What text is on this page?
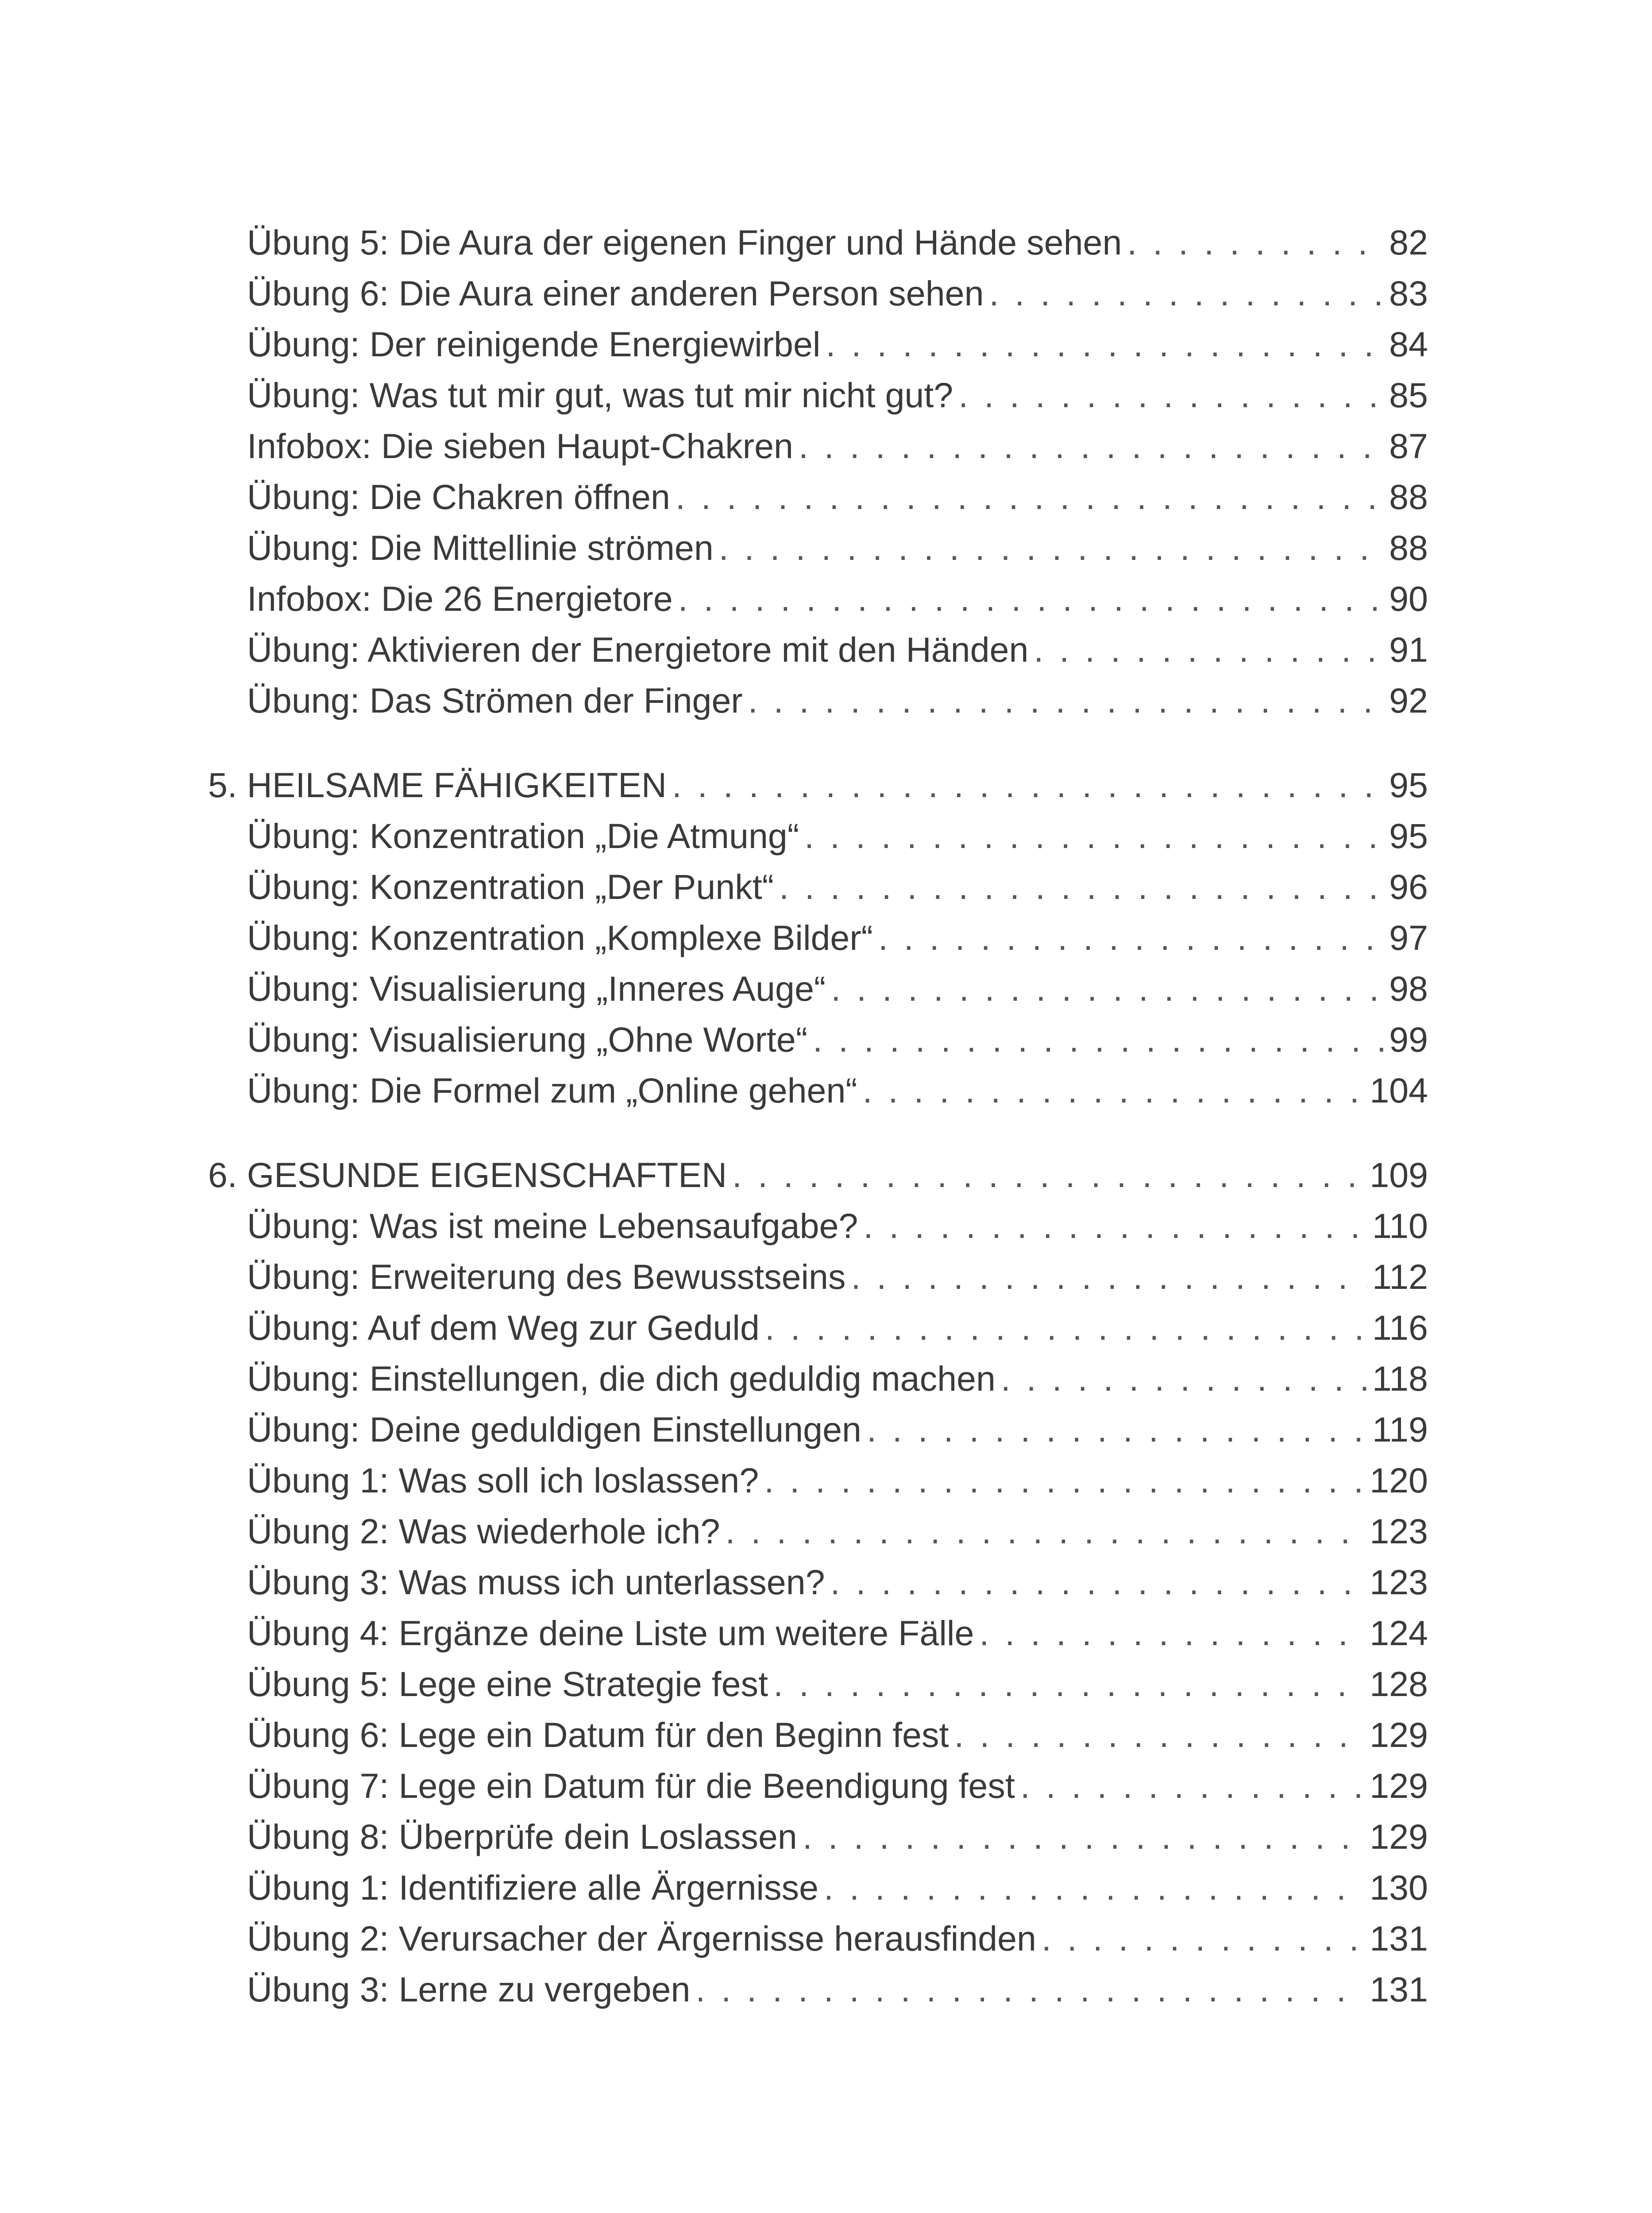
Übung 5: Die Aura der eigenen Finger und Hände sehen . . .	82
Übung 6: Die Aura einer anderen Person sehen . . .	83
Übung: Der reinigende Energiewirbel . . .	84
Übung: Was tut mir gut, was tut mir nicht gut? . . .	85
Infobox: Die sieben Haupt-Chakren . . .	87
Übung: Die Chakren öffnen . . .	88
Übung: Die Mittellinie strömen . . .	88
Infobox: Die 26 Energietore . . .	90
Übung: Aktivieren der Energietore mit den Händen . . .	91
Übung: Das Strömen der Finger . . .	92
5. HEILSAME FÄHIGKEITEN . . .	95
Übung: Konzentration „Die Atmung“ . . .	95
Übung: Konzentration „Der Punkt“ . . .	96
Übung: Konzentration „Komplexe Bilder“ . . .	97
Übung: Visualisierung „Inneres Auge“ . . .	98
Übung: Visualisierung „Ohne Worte“ . . .	99
Übung: Die Formel zum „Online gehen“ . . .	104
6. GESUNDE EIGENSCHAFTEN . . .	109
Übung: Was ist meine Lebensaufgabe? . . .	110
Übung: Erweiterung des Bewusstseins . . .	112
Übung: Auf dem Weg zur Geduld . . .	116
Übung: Einstellungen, die dich geduldig machen . . .	118
Übung: Deine geduldigen Einstellungen . . .	119
Übung 1: Was soll ich loslassen? . . .	120
Übung 2: Was wiederhole ich? . . .	123
Übung 3: Was muss ich unterlassen? . . .	123
Übung 4: Ergänze deine Liste um weitere Fälle . . .	124
Übung 5: Lege eine Strategie fest . . .	128
Übung 6: Lege ein Datum für den Beginn fest . . .	129
Übung 7: Lege ein Datum für die Beendigung fest . . .	129
Übung 8: Überprüfe dein Loslassen . . .	129
Übung 1: Identifiziere alle Ärgernisse . . .	130
Übung 2: Verursacher der Ärgernisse herausfinden . . .	131
Übung 3: Lerne zu vergeben . . .	131
